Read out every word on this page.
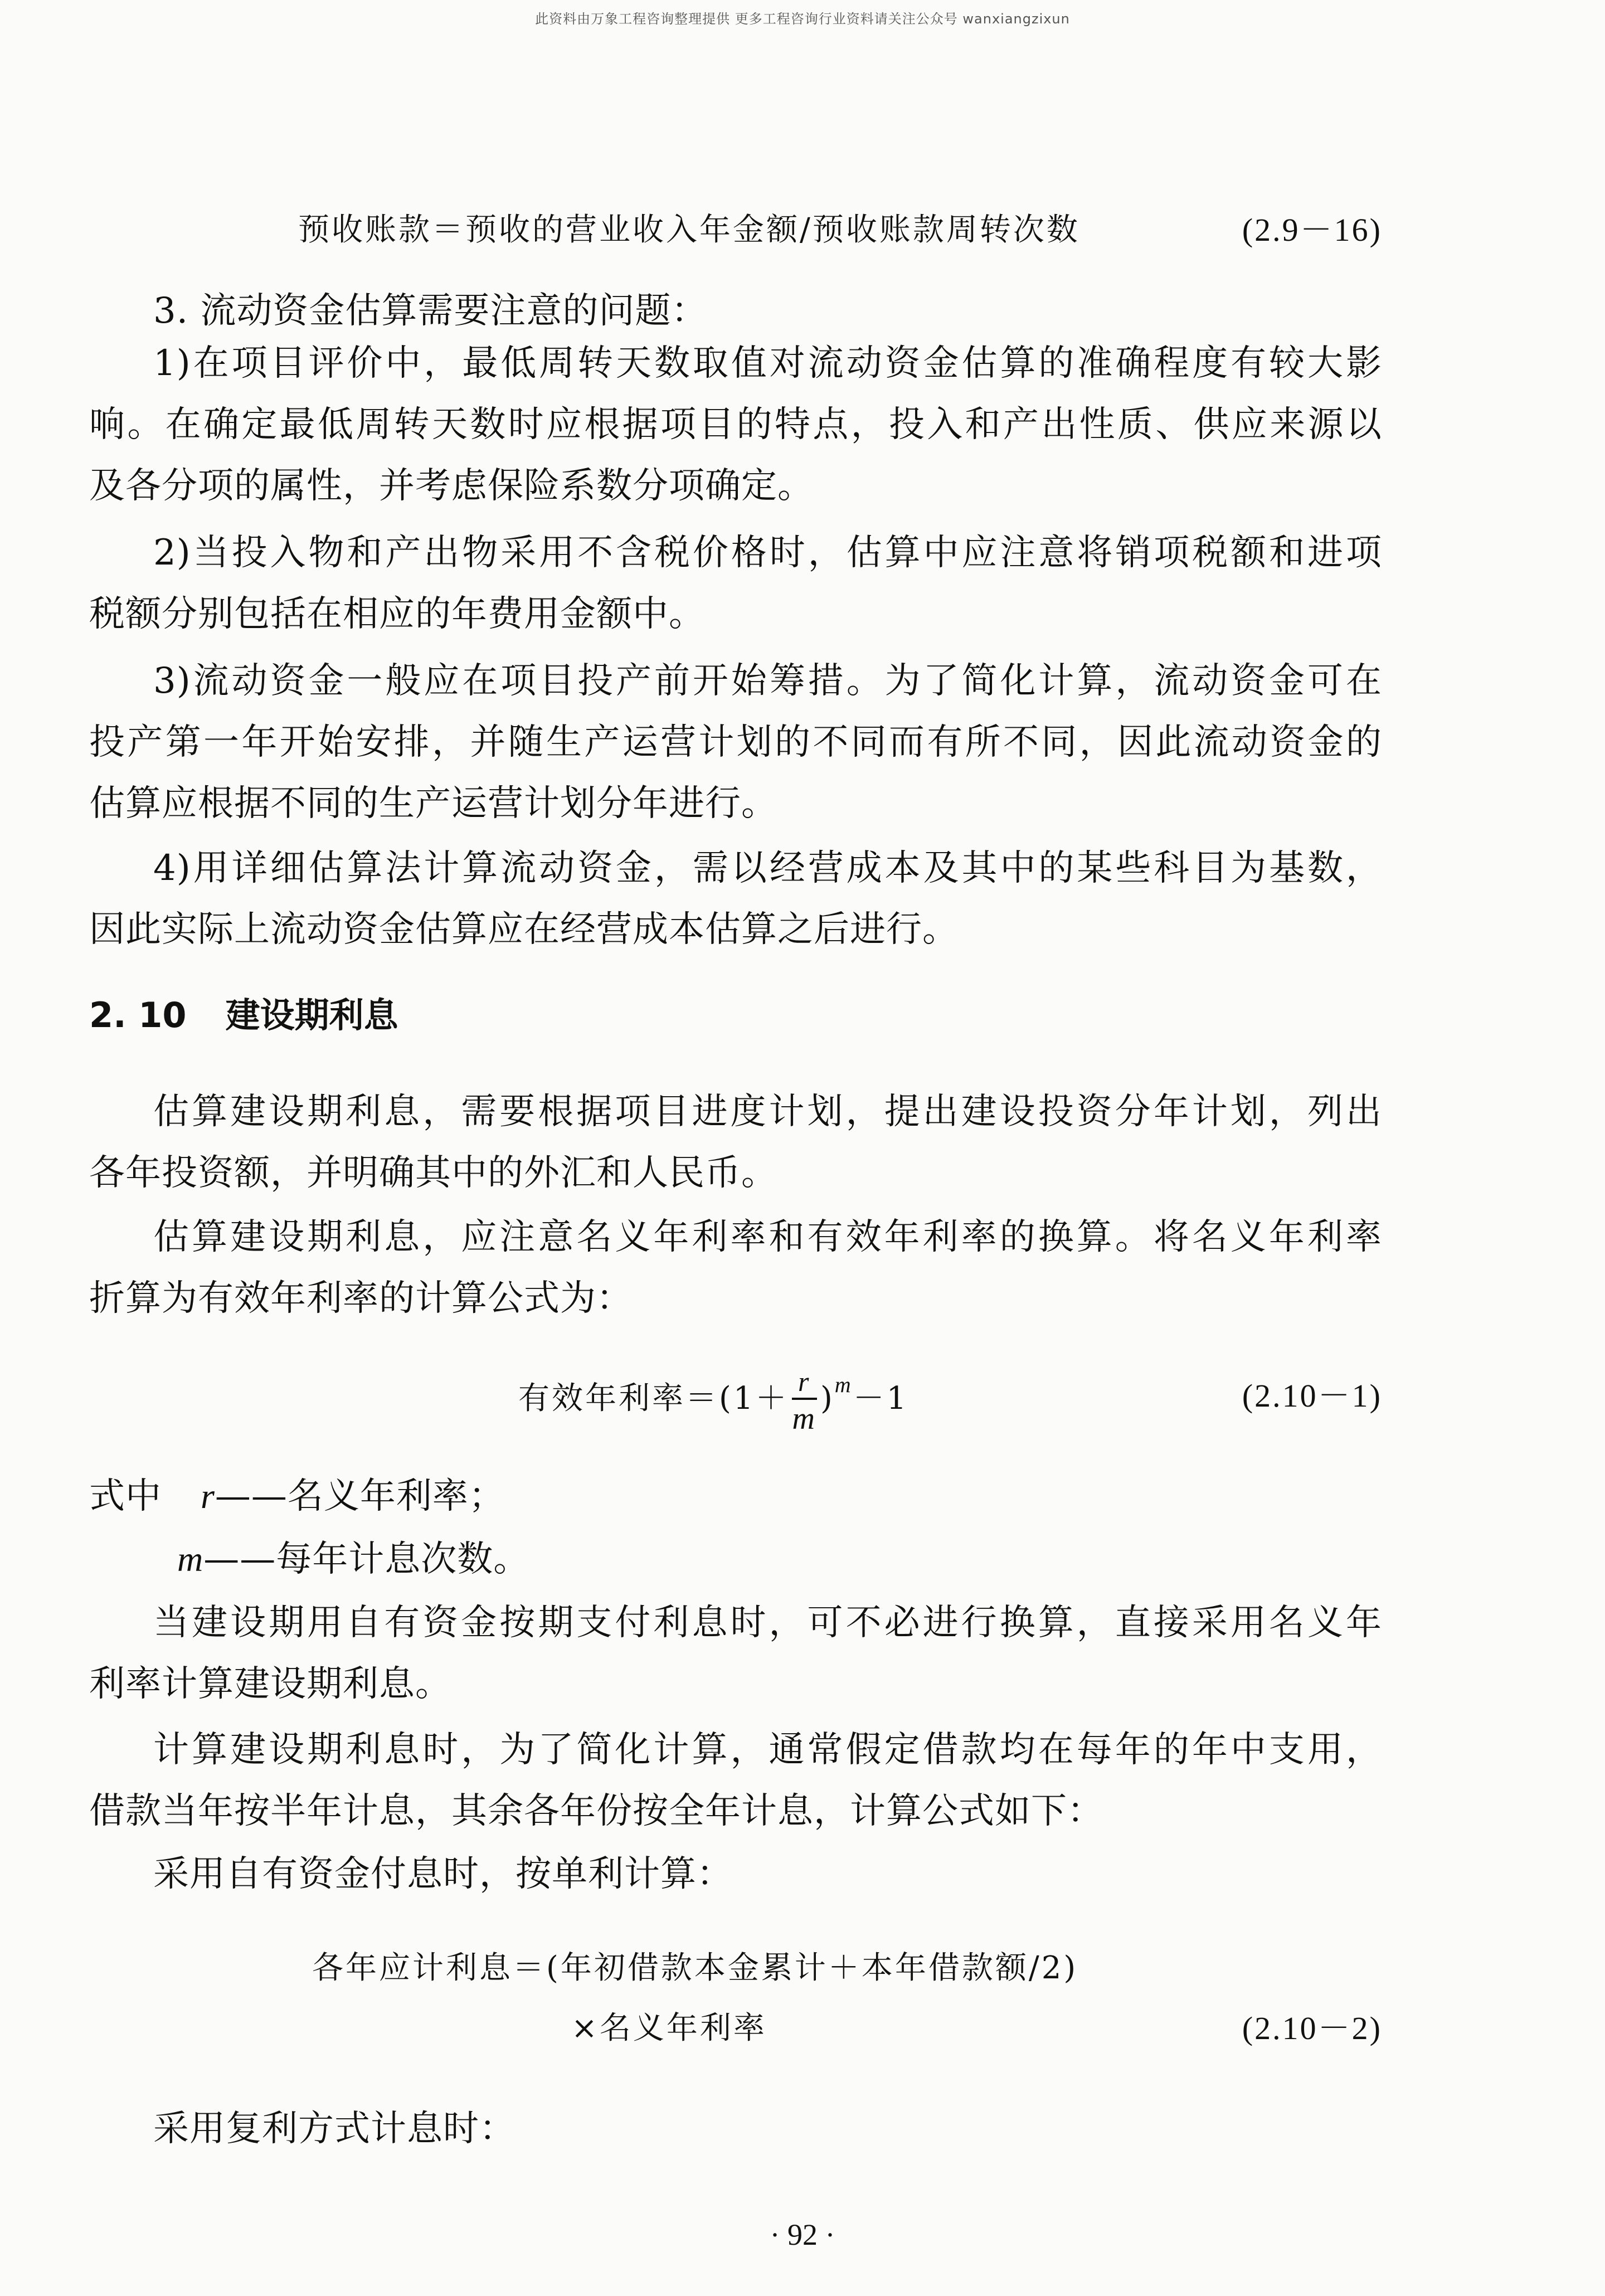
此资料由万象工程咨询整理提供 更多工程咨询行业资料请关注公众号 wanxiangzixun
预收账款＝预收的营业收入年金额/预收账款周转次数	(2.9－16)
3. 流动资金估算需要注意的问题：
1)在项目评价中，最低周转天数取值对流动资金估算的准确程度有较大影
响。在确定最低周转天数时应根据项目的特点，投入和产出性质、供应来源以
及各分项的属性，并考虑保险系数分项确定。
2)当投入物和产出物采用不含税价格时，估算中应注意将销项税额和进项
税额分别包括在相应的年费用金额中。
3)流动资金一般应在项目投产前开始筹措。为了简化计算，流动资金可在
投产第一年开始安排，并随生产运营计划的不同而有所不同，因此流动资金的
估算应根据不同的生产运营计划分年进行。
4)用详细估算法计算流动资金，需以经营成本及其中的某些科目为基数，
因此实际上流动资金估算应在经营成本估算之后进行。
2. 10 建设期利息
估算建设期利息，需要根据项目进度计划，提出建设投资分年计划，列出
各年投资额，并明确其中的外汇和人民币。
估算建设期利息，应注意名义年利率和有效年利率的换算。将名义年利率
折算为有效年利率的计算公式为：
有效年利率$=(1+ \frac{r}{m} )^m-1$	(2.10－1)
式中 r——名义年利率；
m——每年计息次数。
当建设期用自有资金按期支付利息时，可不必进行换算，直接采用名义年
利率计算建设期利息。
计算建设期利息时，为了简化计算，通常假定借款均在每年的年中支用，
借款当年按半年计息，其余各年份按全年计息，计算公式如下：
采用自有资金付息时，按单利计算：
各年应计利息＝(年初借款本金累计＋本年借款额/2)
×名义年利率	(2.10－2)
采用复利方式计息时：
· 92 ·
